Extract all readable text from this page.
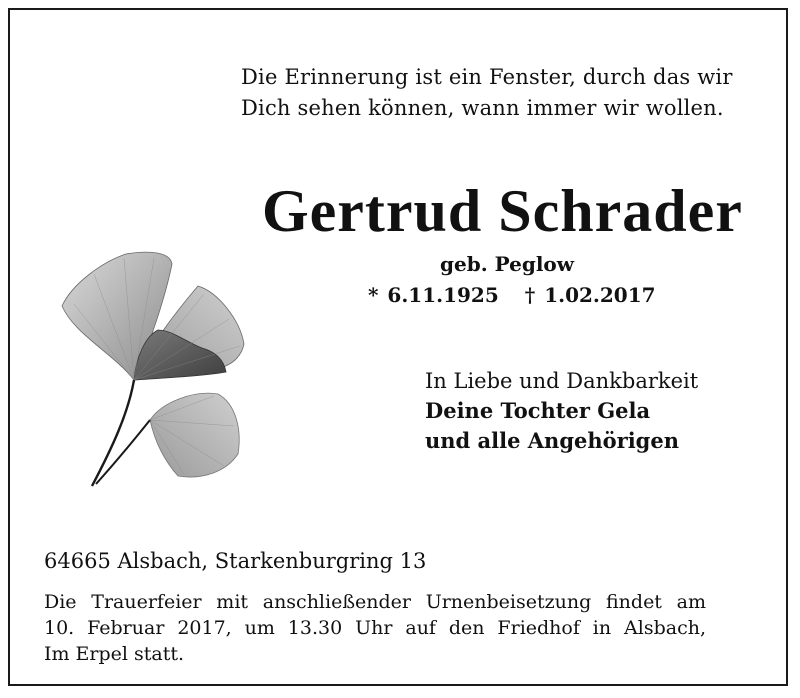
Die Erinnerung ist ein Fenster, durch das wir
Dich sehen können, wann immer wir wollen.
Gertrud Schrader
geb. Peglow
* 6.11.1925 † 1.02.2017
In Liebe und Dankbarkeit
Deine Tochter Gela
und alle Angehörigen
64665 Alsbach, Starkenburgring 13
Die Trauerfeier mit anschließender Urnenbeisetzung findet am
10. Februar 2017, um 13.30 Uhr auf den Friedhof in Alsbach,
Im Erpel statt.
